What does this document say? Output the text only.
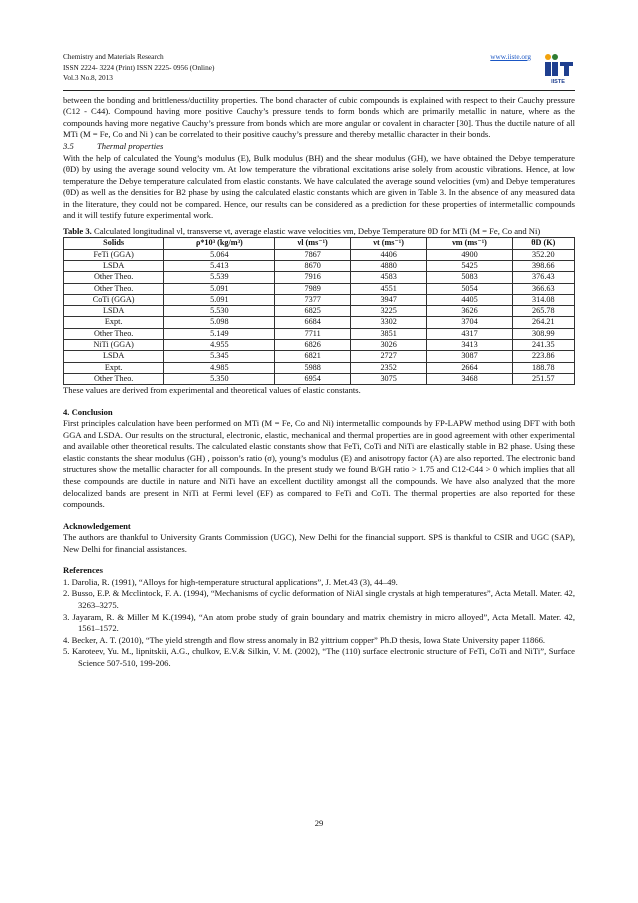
Chemistry and Materials Research
ISSN 2224- 3224 (Print) ISSN 2225- 0956 (Online)
Vol.3 No.8, 2013
www.iiste.org
IISTE

between the bonding and brittleness/ductility properties. The bond character of cubic compounds is explained with respect to their Cauchy pressure (C12 - C44). Compound having more positive Cauchy’s pressure tends to form bonds which are primarily metallic in nature, where as the compounds having more negative Cauchy’s pressure from bonds which are more angular or covalent in character [30]. Thus the ductile nature of all MTi (M = Fe, Co and Ni ) can be correlated to their positive cauchy’s pressure and thereby metallic character in their bonds.

3.5	Thermal properties

With the help of calculated the Young’s modulus (E), Bulk modulus (BH) and the shear modulus (GH), we have obtained the Debye temperature (θD) by using the average sound velocity νm. At low temperature the vibrational excitations arise solely from acoustic vibrations. Hence, at low temperature the Debye temperature calculated from elastic constants. We have calculated the average sound velocities (νm) and Debye temperatures (θD) as well as the densities for B2 phase by using the calculated elastic constants which are given in Table 3. In the absence of any measured data in the literature, they could not be compared. Hence, our results can be considered as a prediction for these properties of intermetallic compounds and it will testify future experimental work.

Table 3. Calculated longitudinal νl, transverse νt, average elastic wave velocities νm, Debye Temperature θD for MTi (M = Fe, Co and Ni)

Solids	ρ*10³ (kg/m³)	νl (ms⁻¹)	νt (ms⁻¹)	νm (ms⁻¹)	θD (K)
FeTi (GGA)	5.064	7867	4406	4900	352.20
LSDA	5.413	8670	4880	5425	398.66
Other Theo.	5.539	7916	4583	5083	376.43
Other Theo.	5.091	7989	4551	5054	366.63
CoTi (GGA)	5.091	7377	3947	4405	314.08
LSDA	5.530	6825	3225	3626	265.78
Expt.	5.098	6684	3302	3704	264.21
Other Theo.	5.149	7711	3851	4317	308.99
NiTi (GGA)	4.955	6826	3026	3413	241.35
LSDA	5.345	6821	2727	3087	223.86
Expt.	4.985	5988	2352	2664	188.78
Other Theo.	5.350	6954	3075	3468	251.57

These values are derived from experimental and theoretical values of elastic constants.

4. Conclusion

First principles calculation have been performed on MTi (M = Fe, Co and Ni) intermetallic compounds by FP-LAPW method using DFT with both GGA and LSDA. Our results on the structural, electronic, elastic, mechanical and thermal properties are in good agreement with other experimental and available other theoretical results. The calculated elastic constants show that FeTi, CoTi and NiTi are elastically stable in B2 phase. Using these elastic constants the shear modulus (GH) , poisson’s ratio (σ), young’s modulus (E) and anisotropy factor (A) are also reported. The electronic band structures show the metallic character for all compounds. In the present study we found B/GH ratio > 1.75 and C12-C44 > 0 which implies that all these compounds are ductile in nature and NiTi have an excellent ductility amongst all the compounds. We have also analyzed that the more delocalized bands are present in NiTi at Fermi level (EF) as compared to FeTi and CoTi. The thermal properties are also reported for these compounds.

Acknowledgement

The authors are thankful to University Grants Commission (UGC), New Delhi for the financial support. SPS is thankful to CSIR and UGC (SAP), New Delhi for financial assistances.

References
1. Darolia, R. (1991), “Alloys for high-temperature structural applications”, J. Met.43 (3), 44–49.
2. Busso, E.P. & Mcclintock, F. A. (1994), “Mechanisms of cyclic deformation of NiAl single crystals at high temperatures”, Acta Metall. Mater. 42, 3263–3275.
3. Jayaram, R. & Miller M K.(1994), “An atom probe study of grain boundary and matrix chemistry in micro alloyed”, Acta Metall. Mater. 42, 1561–1572.
4. Becker, A. T. (2010), “The yield strength and flow stress anomaly in B2 yittrium copper” Ph.D thesis, Iowa State University paper 11866.
5. Karoteev, Yu. M., lipnitskii, A.G., chulkov, E.V.& Silkin, V. M. (2002), “The (110) surface electronic structure of FeTi, CoTi and NiTi”, Surface Science 507-510, 199-206.
29
